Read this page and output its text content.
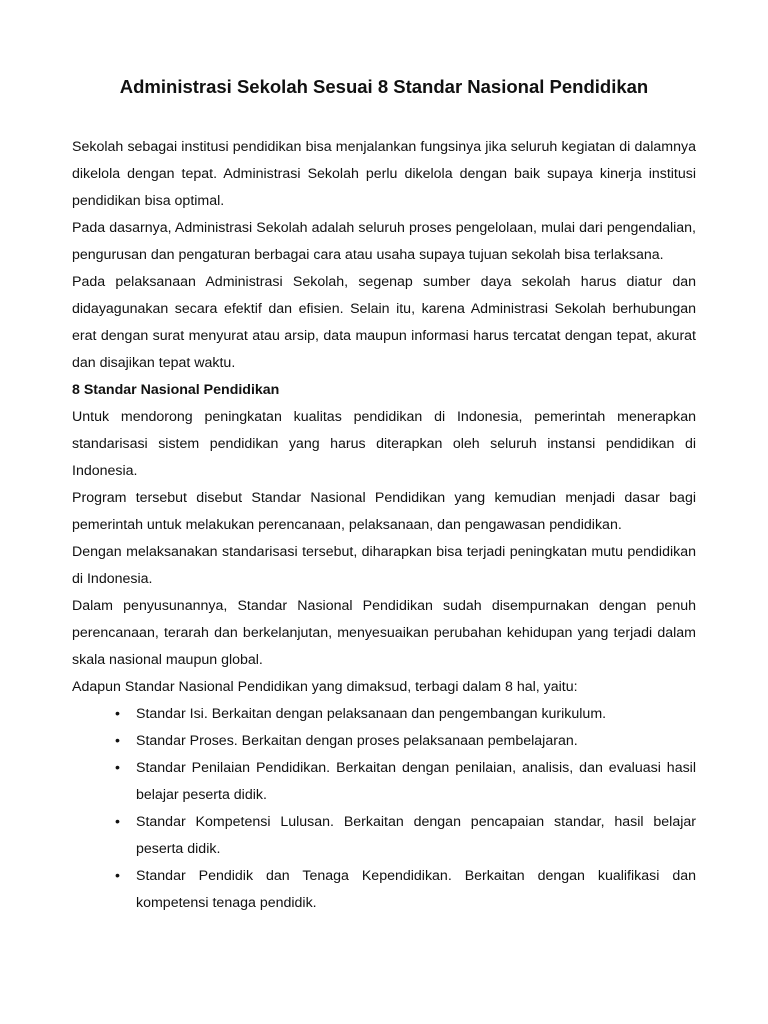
Administrasi Sekolah Sesuai 8 Standar Nasional Pendidikan

Sekolah sebagai institusi pendidikan bisa menjalankan fungsinya jika seluruh kegiatan di dalamnya dikelola dengan tepat. Administrasi Sekolah perlu dikelola dengan baik supaya kinerja institusi pendidikan bisa optimal.

Pada dasarnya, Administrasi Sekolah adalah seluruh proses pengelolaan, mulai dari pengendalian, pengurusan dan pengaturan berbagai cara atau usaha supaya tujuan sekolah bisa terlaksana.

Pada pelaksanaan Administrasi Sekolah, segenap sumber daya sekolah harus diatur dan didayagunakan secara efektif dan efisien. Selain itu, karena Administrasi Sekolah berhubungan erat dengan surat menyurat atau arsip, data maupun informasi harus tercatat dengan tepat, akurat dan disajikan tepat waktu.

8 Standar Nasional Pendidikan

Untuk mendorong peningkatan kualitas pendidikan di Indonesia, pemerintah menerapkan standarisasi sistem pendidikan yang harus diterapkan oleh seluruh instansi pendidikan di Indonesia.

Program tersebut disebut Standar Nasional Pendidikan yang kemudian menjadi dasar bagi pemerintah untuk melakukan perencanaan, pelaksanaan, dan pengawasan pendidikan.

Dengan melaksanakan standarisasi tersebut, diharapkan bisa terjadi peningkatan mutu pendidikan di Indonesia.

Dalam penyusunannya, Standar Nasional Pendidikan sudah disempurnakan dengan penuh perencanaan, terarah dan berkelanjutan, menyesuaikan perubahan kehidupan yang terjadi dalam skala nasional maupun global.

Adapun Standar Nasional Pendidikan yang dimaksud, terbagi dalam 8 hal, yaitu:

• Standar Isi. Berkaitan dengan pelaksanaan dan pengembangan kurikulum.
• Standar Proses. Berkaitan dengan proses pelaksanaan pembelajaran.
• Standar Penilaian Pendidikan. Berkaitan dengan penilaian, analisis, dan evaluasi hasil belajar peserta didik.
• Standar Kompetensi Lulusan. Berkaitan dengan pencapaian standar, hasil belajar peserta didik.
• Standar Pendidik dan Tenaga Kependidikan. Berkaitan dengan kualifikasi dan kompetensi tenaga pendidik.
